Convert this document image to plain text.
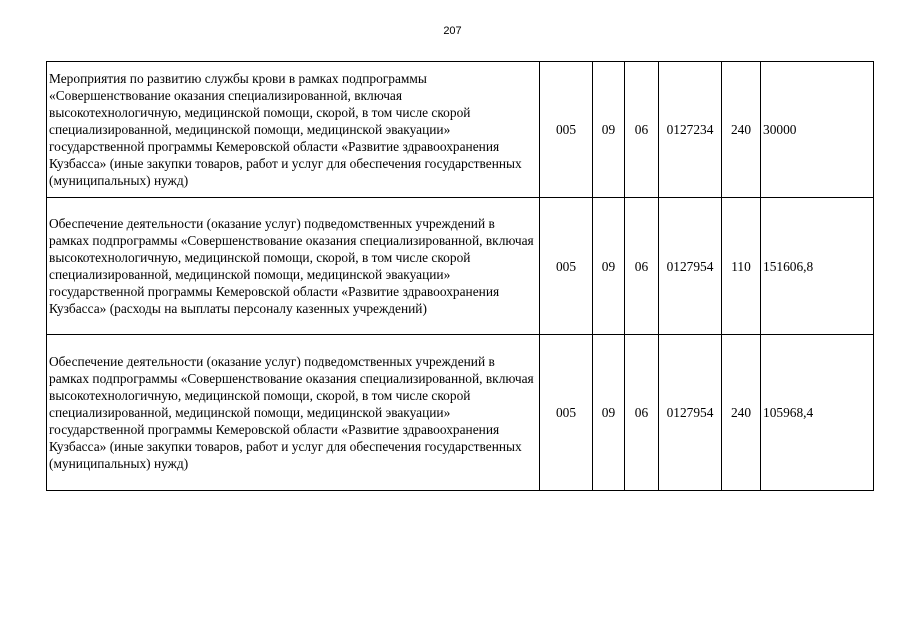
207
Мероприятия по развитию службы крови в рамках подпрограммы «Совершенствование оказания специализированной, включая высокотехнологичную, медицинской помощи, скорой, в том числе скорой специализированной, медицинской помощи, медицинской эвакуации» государственной программы Кемеровской области «Развитие здравоохранения Кузбасса» (иные закупки товаров, работ и услуг для обеспечения государственных (муниципальных) нужд)	005	09	06	0127234	240	30000
Обеспечение деятельности (оказание услуг) подведомственных учреждений в рамках подпрограммы «Совершенствование оказания специализированной, включая высокотехнологичную, медицинской помощи, скорой, в том числе скорой специализированной, медицинской помощи, медицинской эвакуации» государственной программы Кемеровской области «Развитие здравоохранения Кузбасса» (расходы на выплаты персоналу казенных учреждений)	005	09	06	0127954	110	151606,8
Обеспечение деятельности (оказание услуг) подведомственных учреждений в рамках подпрограммы «Совершенствование оказания специализированной, включая высокотехнологичную, медицинской помощи, скорой, в том числе скорой специализированной, медицинской помощи, медицинской эвакуации» государственной программы Кемеровской области «Развитие здравоохранения Кузбасса» (иные закупки товаров, работ и услуг для обеспечения государственных (муниципальных) нужд)	005	09	06	0127954	240	105968,4
